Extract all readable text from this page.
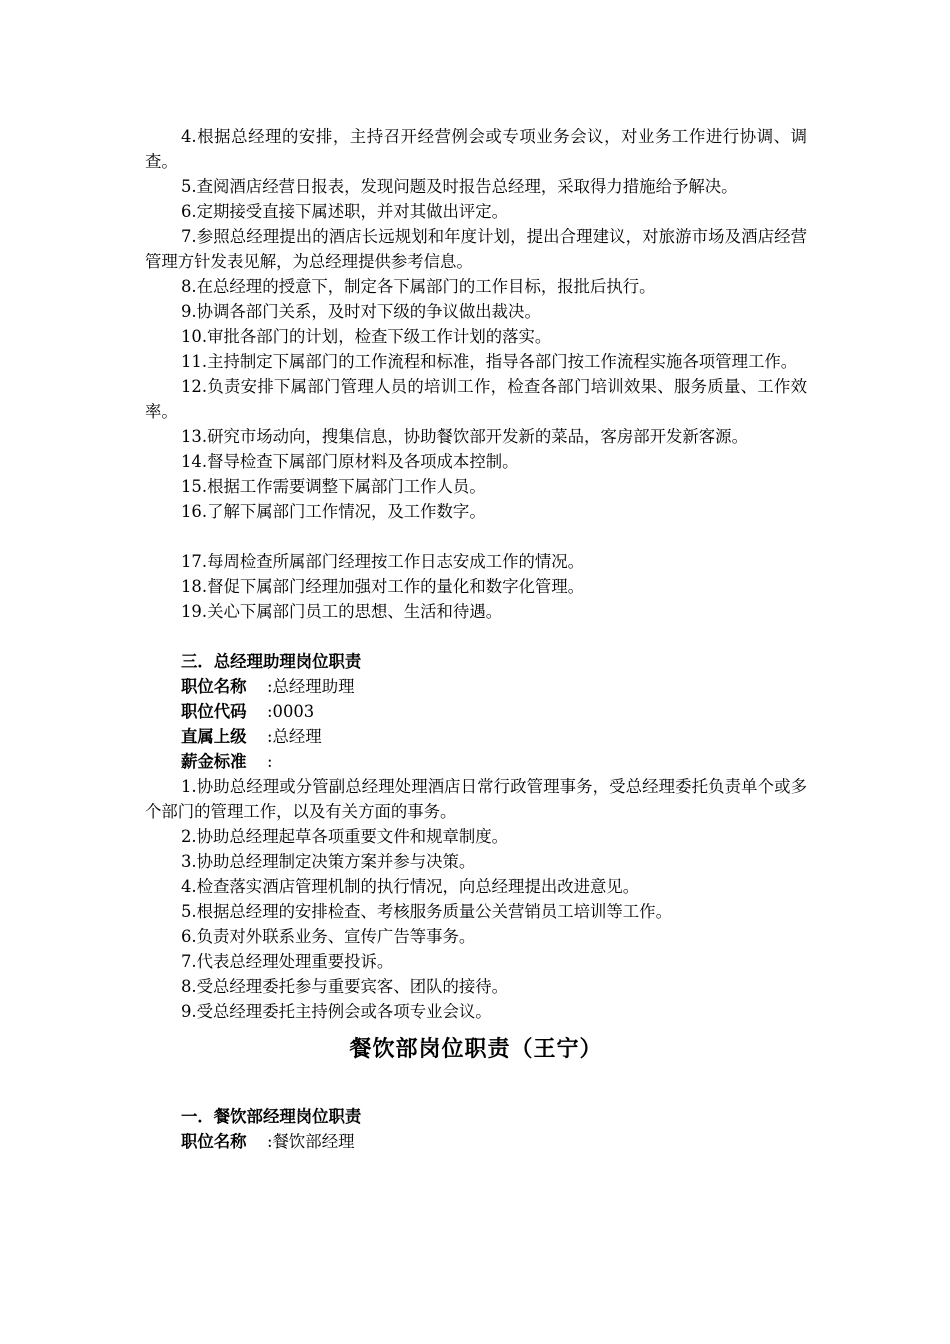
4.根据总经理的安排，主持召开经营例会或专项业务会议，对业务工作进行协调、调查。

5.查阅酒店经营日报表，发现问题及时报告总经理，采取得力措施给予解决。

6.定期接受直接下属述职，并对其做出评定。

7.参照总经理提出的酒店长远规划和年度计划，提出合理建议，对旅游市场及酒店经营管理方针发表见解，为总经理提供参考信息。

8.在总经理的授意下，制定各下属部门的工作目标，报批后执行。

9.协调各部门关系，及时对下级的争议做出裁决。

10.审批各部门的计划，检查下级工作计划的落实。

11.主持制定下属部门的工作流程和标准，指导各部门按工作流程实施各项管理工作。

12.负责安排下属部门管理人员的培训工作，检查各部门培训效果、服务质量、工作效率。

13.研究市场动向，搜集信息，协助餐饮部开发新的菜品，客房部开发新客源。

14.督导检查下属部门原材料及各项成本控制。

15.根据工作需要调整下属部门工作人员。

16.了解下属部门工作情况，及工作数字。

17.每周检查所属部门经理按工作日志安成工作的情况。

18.督促下属部门经理加强对工作的量化和数字化管理。

19.关心下属部门员工的思想、生活和待遇。

三．总经理助理岗位职责

职位名称 :总经理助理

职位代码 :0003

直属上级 :总经理

薪金标准 :

1.协助总经理或分管副总经理处理酒店日常行政管理事务，受总经理委托负责单个或多个部门的管理工作，以及有关方面的事务。

2.协助总经理起草各项重要文件和规章制度。

3.协助总经理制定决策方案并参与决策。

4.检查落实酒店管理机制的执行情况，向总经理提出改进意见。

5.根据总经理的安排检查、考核服务质量公关营销员工培训等工作。

6.负责对外联系业务、宣传广告等事务。

7.代表总经理处理重要投诉。

8.受总经理委托参与重要宾客、团队的接待。

9.受总经理委托主持例会或各项专业会议。

餐饮部岗位职责（王宁）

一．餐饮部经理岗位职责

职位名称 :餐饮部经理
